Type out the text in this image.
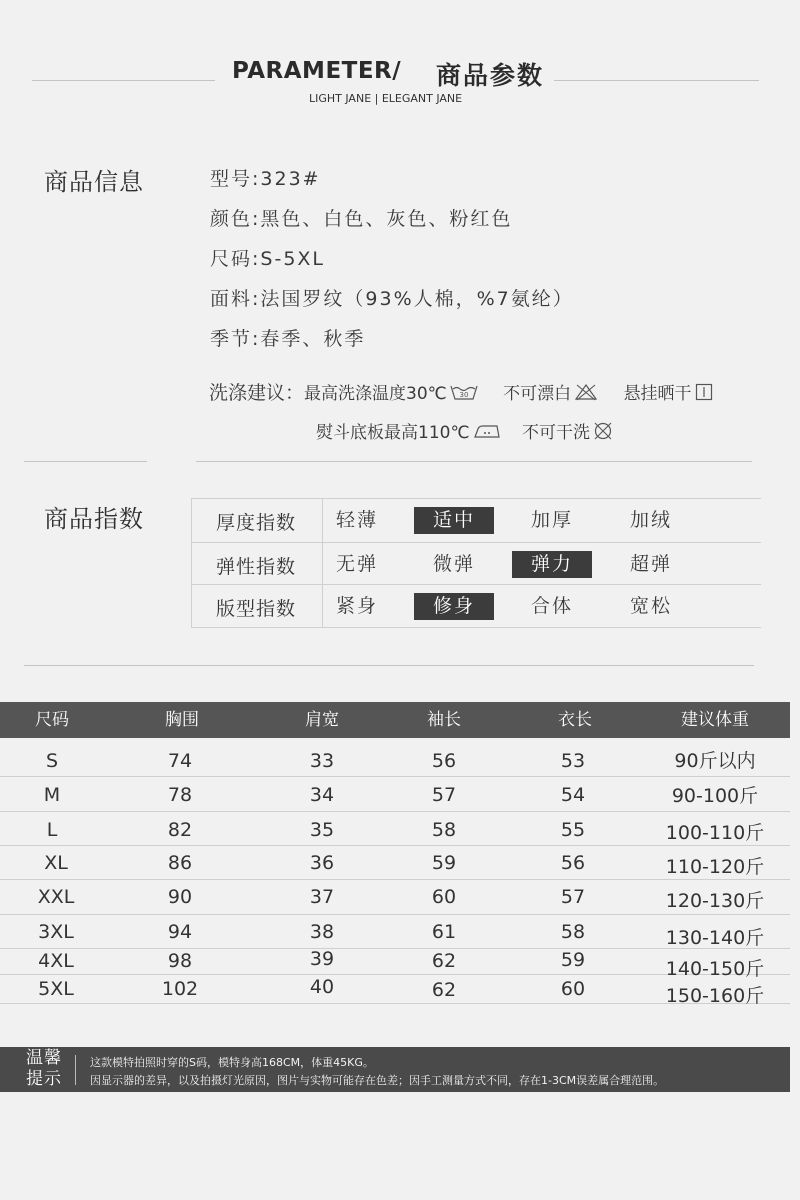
PARAMETER/ 商品参数
LIGHT JANE | ELEGANT JANE
商品信息	型号:323#
颜色:黑色、白色、灰色、粉红色
尺码:S-5XL
面料:法国罗纹（93%人棉，%7氨纶）
季节:春季、秋季
洗涤建议：最高洗涤温度30℃ 30 不可漂白	悬挂晒干
熨斗底板最高110℃	不可干洗
商品指数	厚度指数	轻薄	适中	加厚	加绒
弹性指数	无弹	微弹	弹力	超弹
版型指数	紧身	修身	合体	宽松
尺码	胸围	肩宽	袖长	衣长	建议体重
S	74	33	56	53	90斤以内
M	78	34	57	54	90-100斤
L	82	35	58	55	100-110斤
XL	86	36	59	56	110-120斤
XXL	90	37	60	57	120-130斤
3XL	94	38	61	58	130-140斤
4XL	98	39	62	59	140-150斤
5XL	102	40	62	60	150-160斤
温馨
提示
这款模特拍照时穿的S码，模特身高168CM，体重45KG。
因显示器的差异，以及拍摄灯光原因，图片与实物可能存在色差；因手工测量方式不同，存在1-3CM误差属合理范围。
